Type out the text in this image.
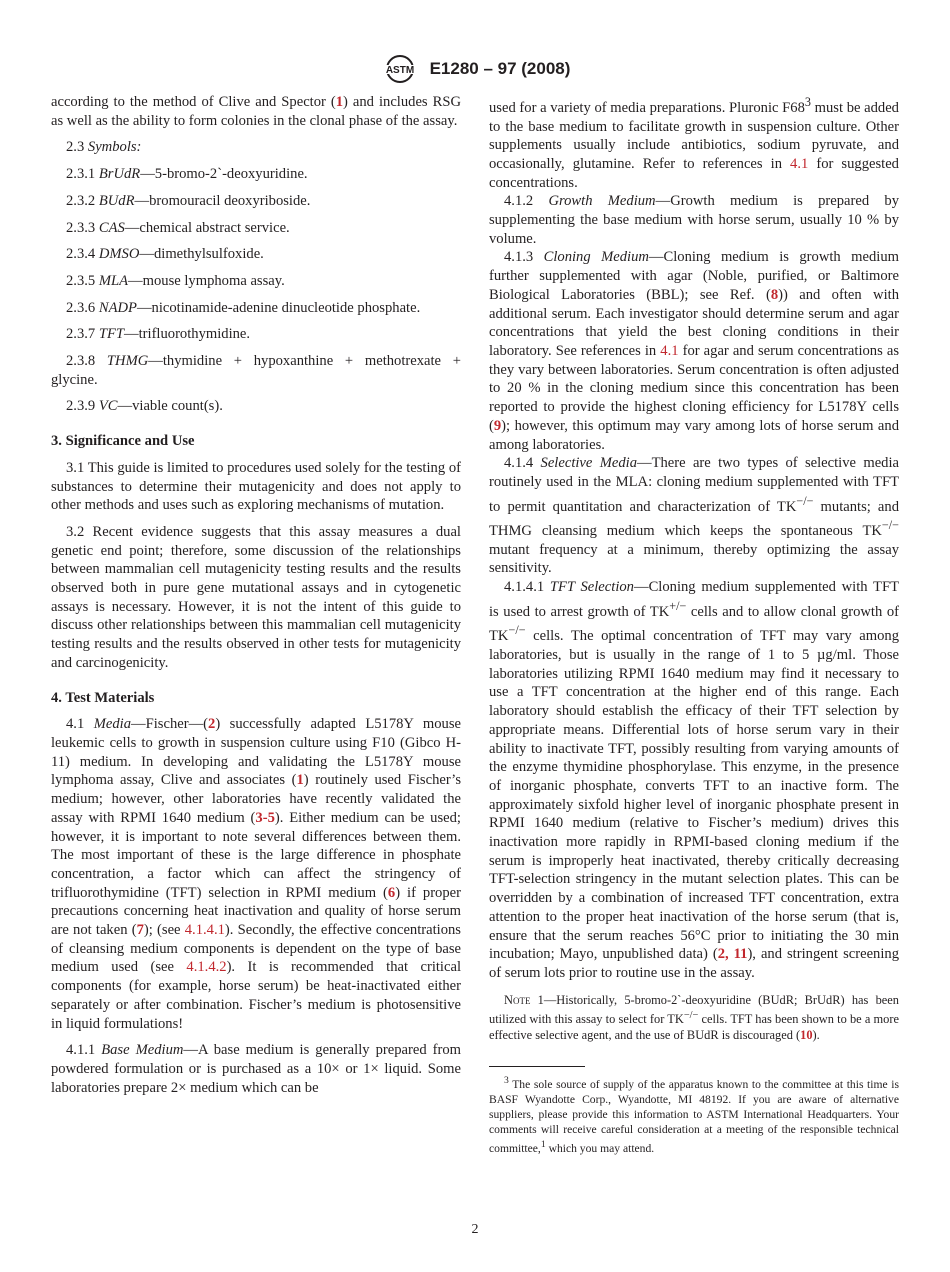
ASTM E1280 – 97 (2008)

according to the method of Clive and Spector (1) and includes RSG as well as the ability to form colonies in the clonal phase of the assay.

2.3 Symbols:

2.3.1 BrUdR—5-bromo-2`-deoxyuridine.

2.3.2 BUdR—bromouracil deoxyriboside.

2.3.3 CAS—chemical abstract service.

2.3.4 DMSO—dimethylsulfoxide.

2.3.5 MLA—mouse lymphoma assay.

2.3.6 NADP—nicotinamide-adenine dinucleotide phosphate.

2.3.7 TFT—trifluorothymidine.

2.3.8 THMG—thymidine + hypoxanthine + methotrexate + glycine.

2.3.9 VC—viable count(s).

3. Significance and Use

3.1 This guide is limited to procedures used solely for the testing of substances to determine their mutagenicity and does not apply to other methods and uses such as exploring mechanisms of mutation.

3.2 Recent evidence suggests that this assay measures a dual genetic end point; therefore, some discussion of the relationships between mammalian cell mutagenicity testing results and the results observed both in pure gene mutational assays and in cytogenetic assays is necessary. However, it is not the intent of this guide to discuss other relationships between this mammalian cell mutagenicity testing results and the results observed in other tests for mutagenicity and carcinogenicity.

4. Test Materials

4.1 Media—Fischer—(2) successfully adapted L5178Y mouse leukemic cells to growth in suspension culture using F10 (Gibco H-11) medium. In developing and validating the L5178Y mouse lymphoma assay, Clive and associates (1) routinely used Fischer’s medium; however, other laboratories have recently validated the assay with RPMI 1640 medium (3-5). Either medium can be used; however, it is important to note several differences between them. The most important of these is the large difference in phosphate concentration, a factor which can affect the stringency of trifluorothymidine (TFT) selection in RPMI medium (6) if proper precautions concerning heat inactivation and quality of horse serum are not taken (7); (see 4.1.4.1). Secondly, the effective concentrations of cleansing medium components is dependent on the type of base medium used (see 4.1.4.2). It is recommended that critical components (for example, horse serum) be heat-inactivated either separately or after combination. Fischer’s medium is photosensitive in liquid formulations!

4.1.1 Base Medium—A base medium is generally prepared from powdered formulation or is purchased as a 10× or 1× liquid. Some laboratories prepare 2× medium which can be

used for a variety of media preparations. Pluronic $F68^3$ must be added to the base medium to facilitate growth in suspension culture. Other supplements usually include antibiotics, sodium pyruvate, and occasionally, glutamine. Refer to references in 4.1 for suggested concentrations.

4.1.2 Growth Medium—Growth medium is prepared by supplementing the base medium with horse serum, usually 10 % by volume.

4.1.3 Cloning Medium—Cloning medium is growth medium further supplemented with agar (Noble, purified, or Baltimore Biological Laboratories (BBL); see Ref. (8)) and often with additional serum. Each investigator should determine serum and agar concentrations that yield the best cloning conditions in their laboratory. See references in 4.1 for agar and serum concentrations as they vary between laboratories. Serum concentration is often adjusted to 20 % in the cloning medium since this concentration has been reported to provide the highest cloning efficiency for L5178Y cells (9); however, this optimum may vary among lots of horse serum and among laboratories.

4.1.4 Selective Media—There are two types of selective media routinely used in the MLA: cloning medium supplemented with TFT to permit quantitation and characterization of TK−/− mutants; and THMG cleansing medium which keeps the spontaneous TK−/− mutant frequency at a minimum, thereby optimizing the assay sensitivity.

4.1.4.1 TFT Selection—Cloning medium supplemented with TFT is used to arrest growth of TK+/− cells and to allow clonal growth of TK−/− cells. The optimal concentration of TFT may vary among laboratories, but is usually in the range of 1 to 5 µg/ml. Those laboratories utilizing RPMI 1640 medium may find it necessary to use a TFT concentration at the higher end of this range. Each laboratory should establish the efficacy of their TFT selection by appropriate means. Differential lots of horse serum vary in their ability to inactivate TFT, possibly resulting from varying amounts of the enzyme thymidine phosphorylase. This enzyme, in the presence of inorganic phosphate, converts TFT to an inactive form. The approximately sixfold higher level of inorganic phosphate present in RPMI 1640 medium (relative to Fischer’s medium) drives this inactivation more rapidly in RPMI-based cloning medium if the serum is improperly heat inactivated, thereby critically decreasing TFT-selection stringency in the mutant selection plates. This can be overridden by a combination of increased TFT concentration, extra attention to the proper heat inactivation of the horse serum (that is, ensure that the serum reaches 56°C prior to initiating the 30 min incubation; Mayo, unpublished data) (2, 11), and stringent screening of serum lots prior to routine use in the assay.

Note 1—Historically, 5-bromo-2`-deoxyuridine (BUdR; BrUdR) has been utilized with this assay to select for TK−/− cells. TFT has been shown to be a more effective selective agent, and the use of BUdR is discouraged (10).

$^3$ The sole source of supply of the apparatus known to the committee at this time is BASF Wyandotte Corp., Wyandotte, MI 48192. If you are aware of alternative suppliers, please provide this information to ASTM International Headquarters. Your comments will receive careful consideration at a meeting of the responsible technical committee,$^1$ which you may attend.

2
